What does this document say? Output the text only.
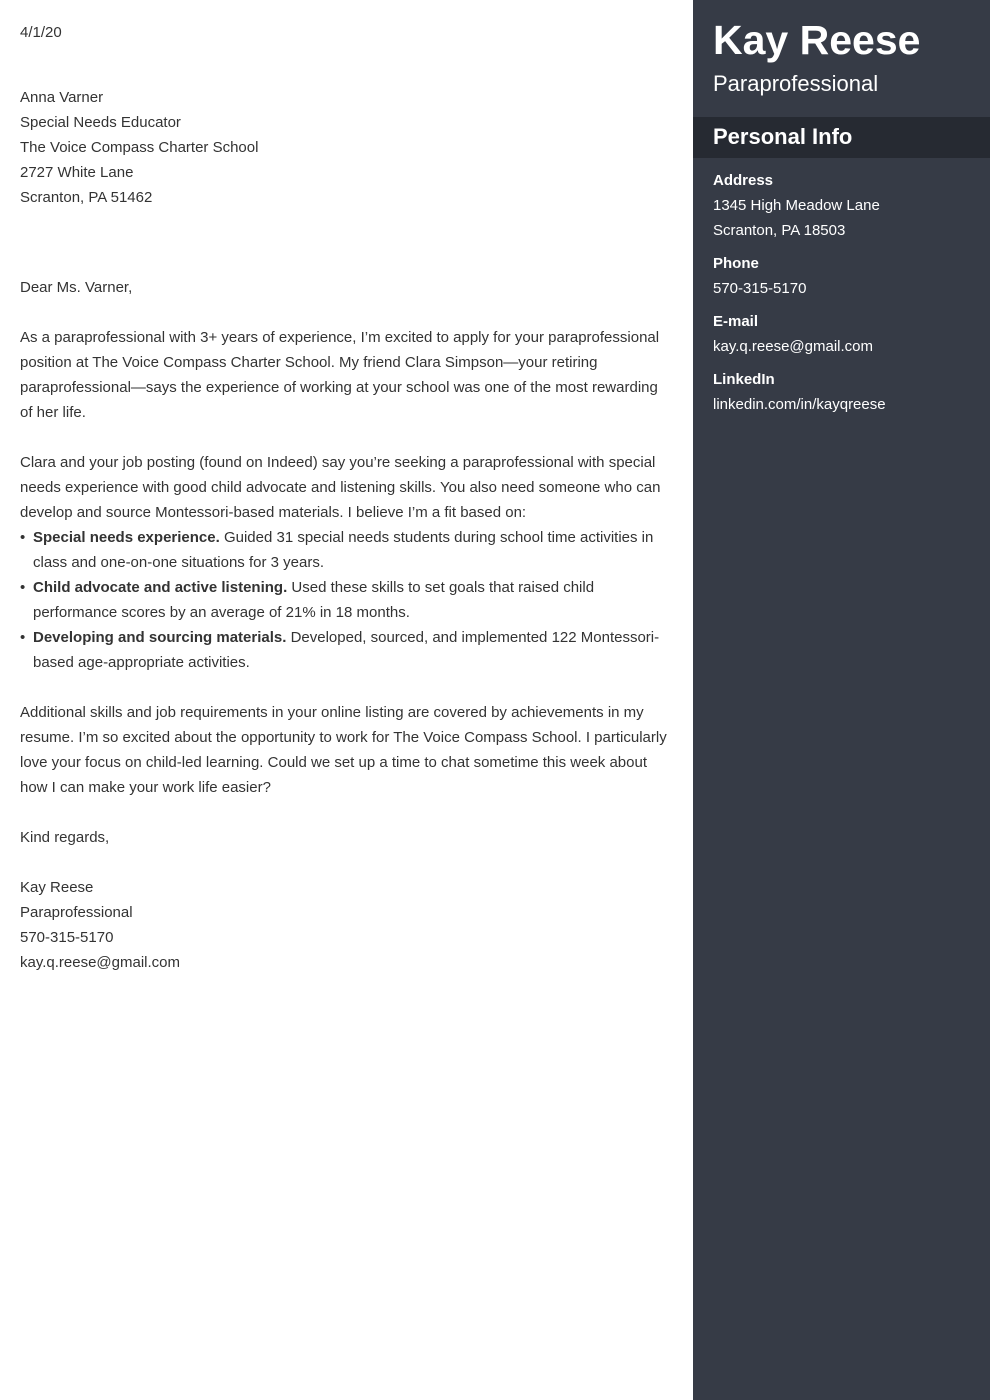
4/1/20

Anna Varner

Special Needs Educator

The Voice Compass Charter School

2727 White Lane

Scranton, PA 51462

Dear Ms. Varner,

As a paraprofessional with 3+ years of experience, I’m excited to apply for your paraprofessional position at The Voice Compass Charter School. My friend Clara Simpson—your retiring paraprofessional—says the experience of working at your school was one of the most rewarding of her life.

Clara and your job posting (found on Indeed) say you’re seeking a paraprofessional with special needs experience with good child advocate and listening skills. You also need someone who can develop and source Montessori-based materials. I believe I’m a fit based on:

• Special needs experience. Guided 31 special needs students during school time activities in class and one-on-one situations for 3 years.
• Child advocate and active listening. Used these skills to set goals that raised child performance scores by an average of 21% in 18 months.
• Developing and sourcing materials. Developed, sourced, and implemented 122 Montessori-based age-appropriate activities.

Additional skills and job requirements in your online listing are covered by achievements in my resume. I’m so excited about the opportunity to work for The Voice Compass School. I particularly love your focus on child-led learning. Could we set up a time to chat sometime this week about how I can make your work life easier?

Kind regards,

Kay Reese

Paraprofessional

570-315-5170

kay.q.reese@gmail.com

Kay Reese
Paraprofessional
Personal Info
Address
1345 High Meadow Lane
Scranton, PA 18503
Phone
570-315-5170
E-mail
kay.q.reese@gmail.com
LinkedIn
linkedin.com/in/kayqreese
